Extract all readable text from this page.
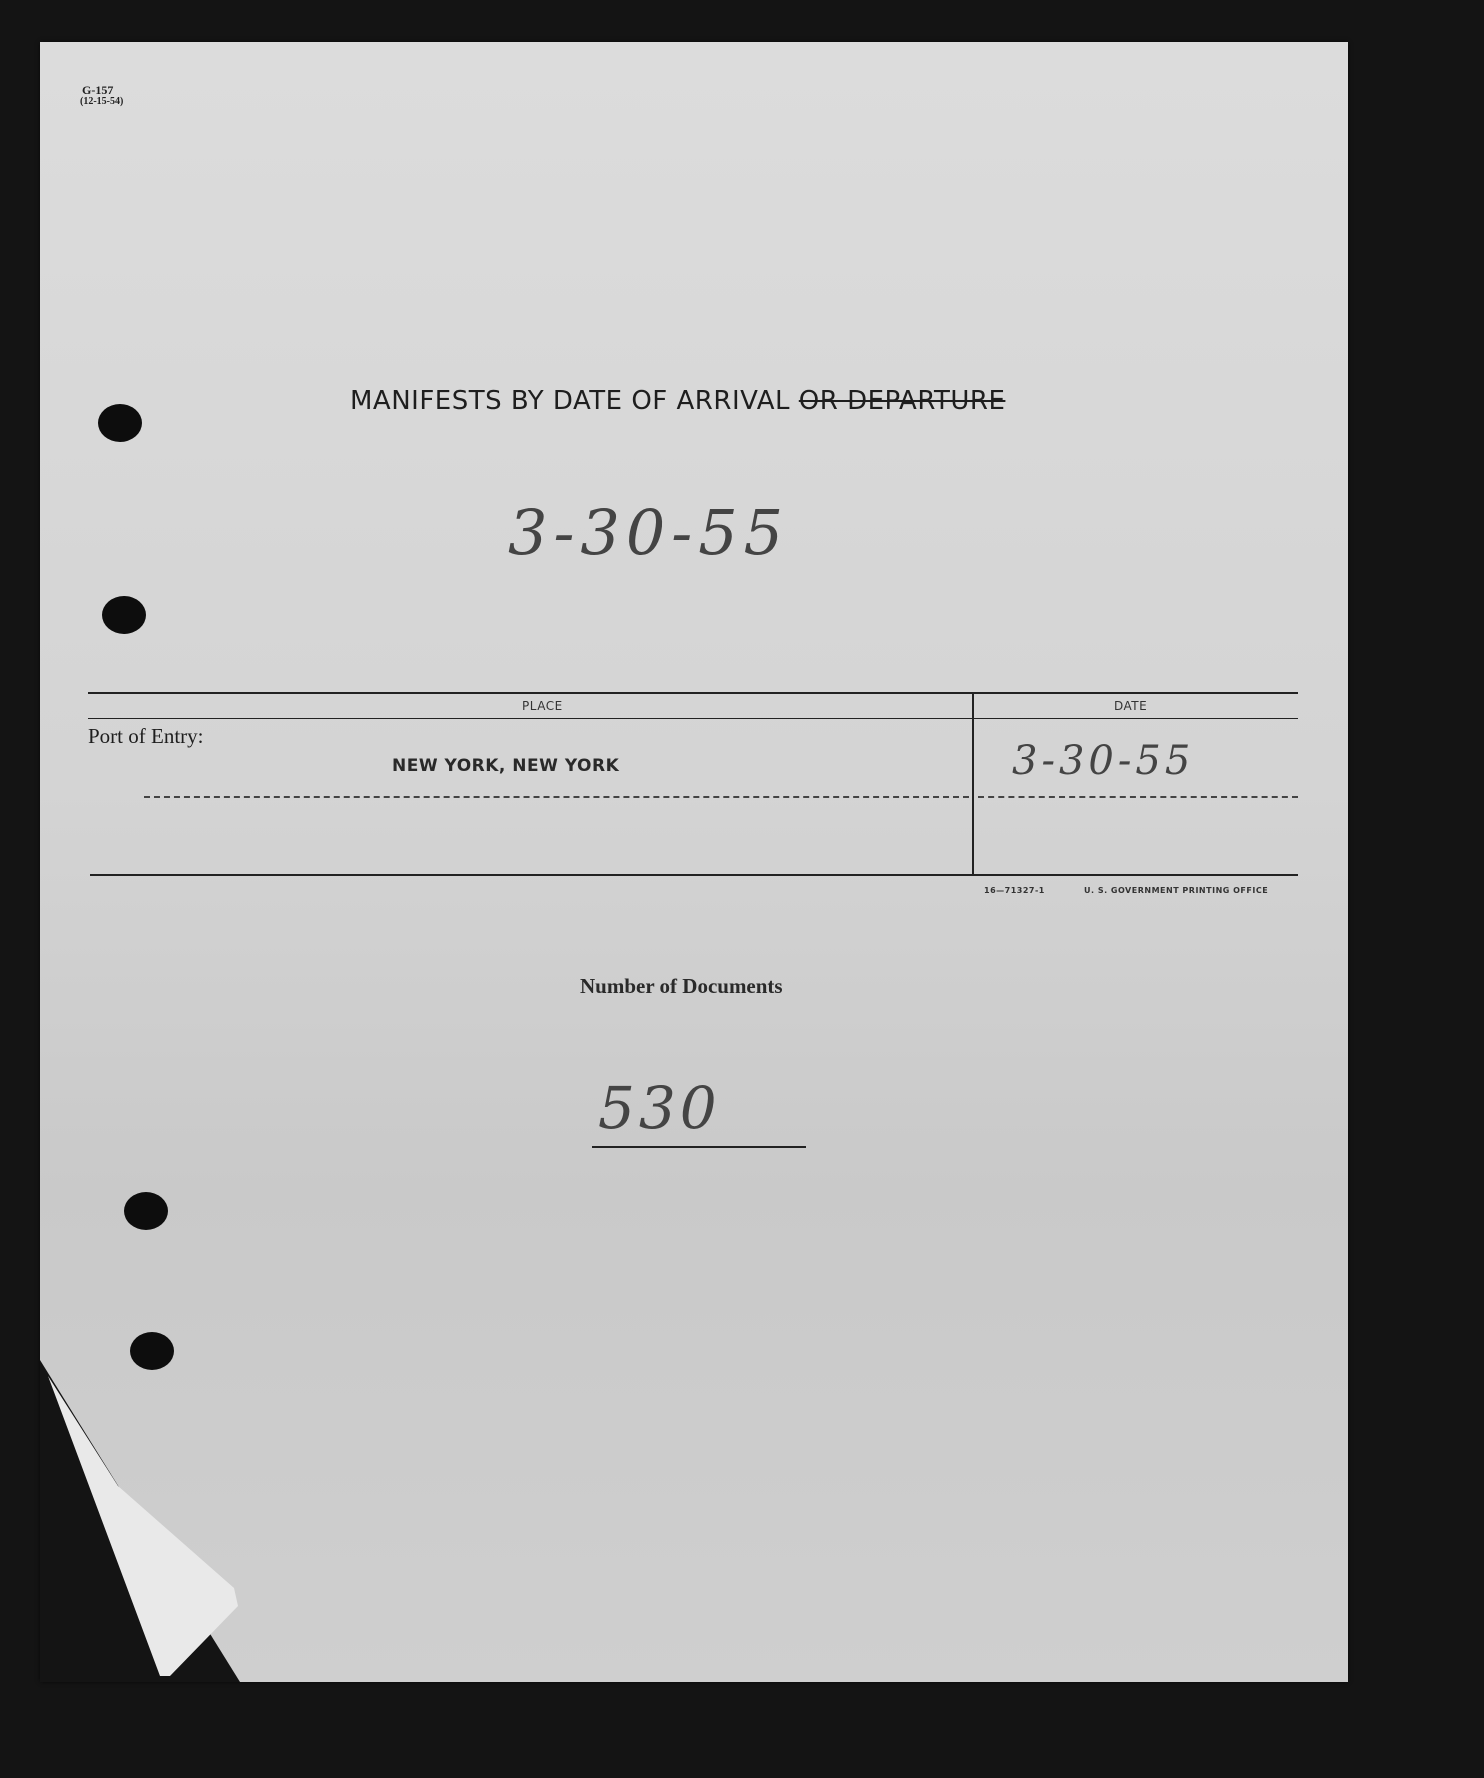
G-157
(12-15-54)
MANIFESTS BY DATE OF ARRIVAL OR DEPARTURE
3-30-55
PLACE	DATE
Port of Entry:
NEW YORK, NEW YORK	3-30-55
16—71327-1	U. S. GOVERNMENT PRINTING OFFICE
Number of Documents
530
